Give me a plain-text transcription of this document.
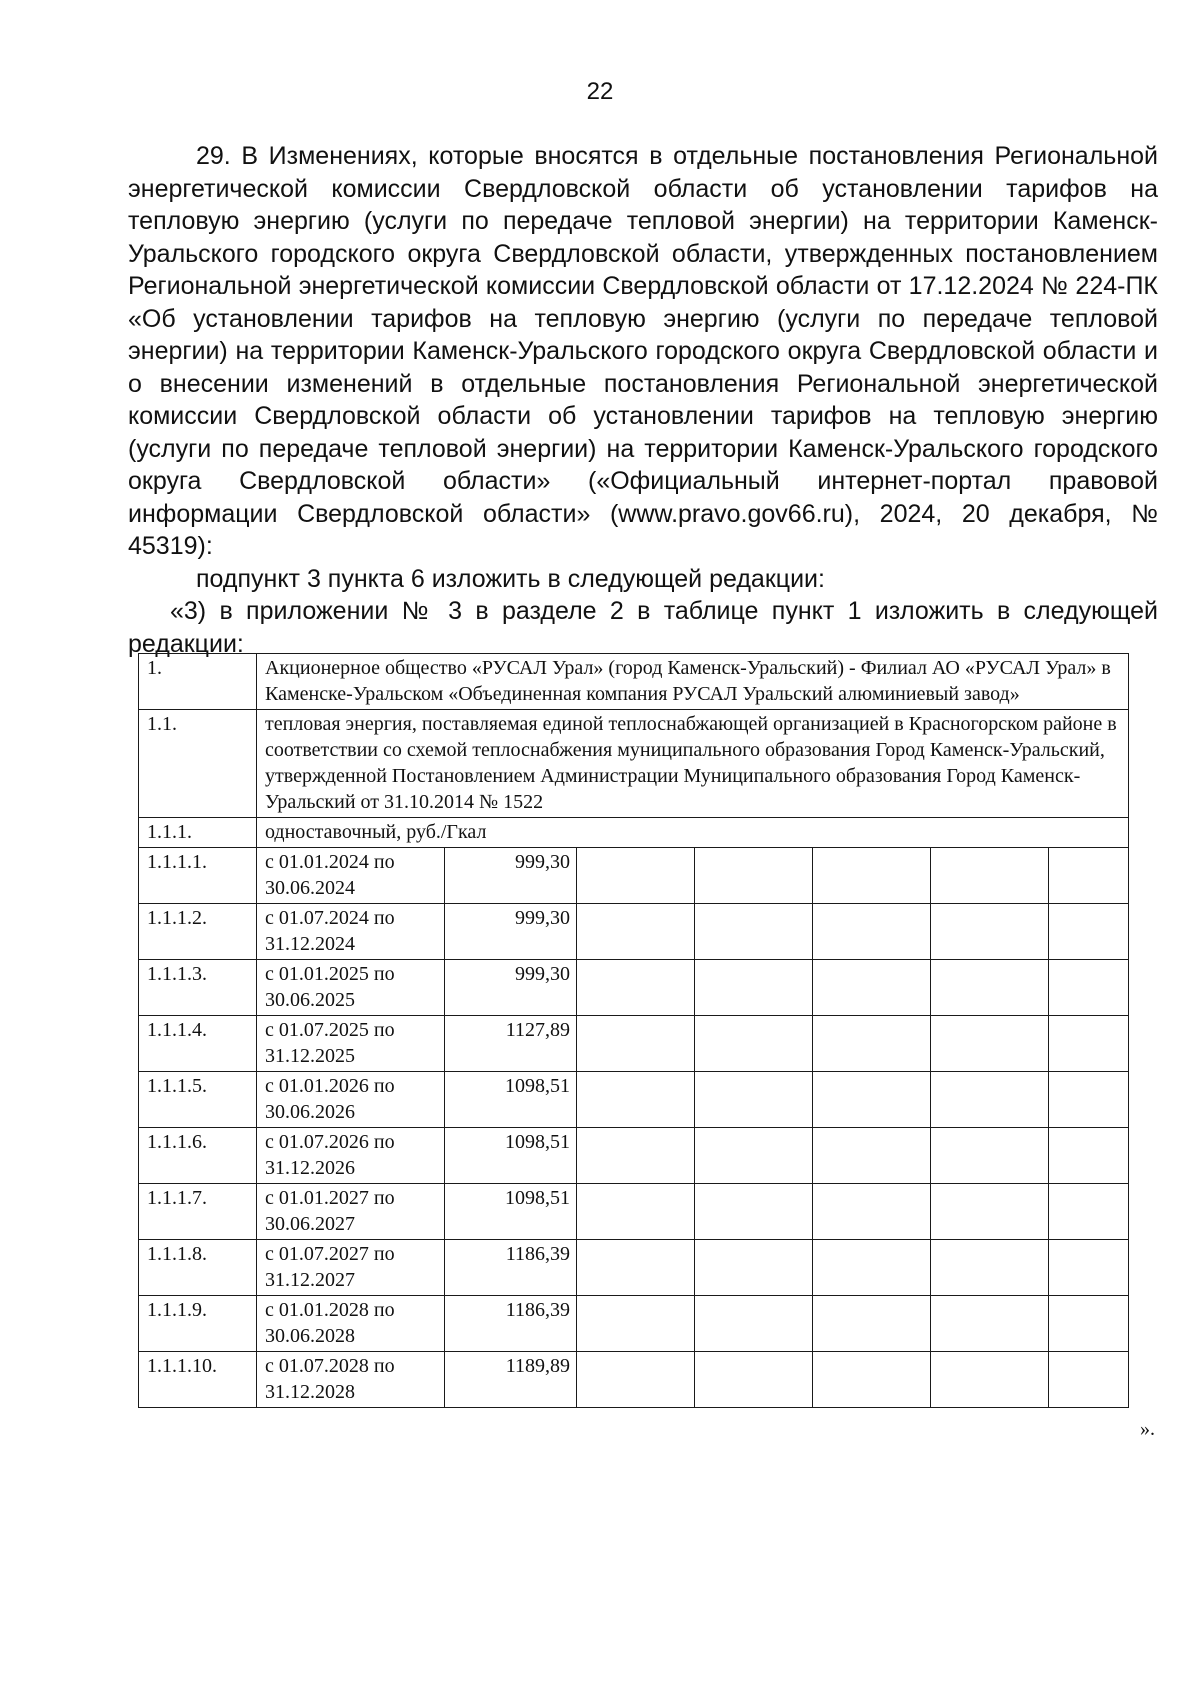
22

29. В Изменениях, которые вносятся в отдельные постановления Региональной энергетической комиссии Свердловской области об установлении тарифов на тепловую энергию (услуги по передаче тепловой энергии) на территории Каменск-Уральского городского округа Свердловской области, утвержденных постановлением Региональной энергетической комиссии Свердловской области от 17.12.2024 № 224-ПК «Об установлении тарифов на тепловую энергию (услуги по передаче тепловой энергии) на территории Каменск-Уральского городского округа Свердловской области и о внесении изменений в отдельные постановления Региональной энергетической комиссии Свердловской области об установлении тарифов на тепловую энергию (услуги по передаче тепловой энергии) на территории Каменск-Уральского городского округа Свердловской области» («Официальный интернет-портал правовой информации Свердловской области» (www.pravo.gov66.ru), 2024, 20 декабря, № 45319):

подпункт 3 пункта 6 изложить в следующей редакции:

«3) в приложении № 3 в разделе 2 в таблице пункт 1 изложить в следующей редакции:

1.	Акционерное общество «РУСАЛ Урал» (город Каменск-Уральский) - Филиал АО «РУСАЛ Урал» в Каменске-Уральском «Объединенная компания РУСАЛ Уральский алюминиевый завод»						
1.1.	тепловая энергия, поставляемая единой теплоснабжающей организацией в Красногорском районе в соответствии со схемой теплоснабжения муниципального образования Город Каменск-Уральский, утвержденной Постановлением Администрации Муниципального образования Город Каменск-Уральский от 31.10.2014 № 1522						
1.1.1.	одноставочный, руб./Гкал						
1.1.1.1.	с 01.01.2024 по 30.06.2024	999,30					
1.1.1.2.	с 01.07.2024 по 31.12.2024	999,30					
1.1.1.3.	с 01.01.2025 по 30.06.2025	999,30					
1.1.1.4.	с 01.07.2025 по 31.12.2025	1127,89					
1.1.1.5.	с 01.01.2026 по 30.06.2026	1098,51					
1.1.1.6.	с 01.07.2026 по 31.12.2026	1098,51					
1.1.1.7.	с 01.01.2027 по 30.06.2027	1098,51					
1.1.1.8.	с 01.07.2027 по 31.12.2027	1186,39					
1.1.1.9.	с 01.01.2028 по 30.06.2028	1186,39					
1.1.1.10.	с 01.07.2028 по 31.12.2028	1189,89					
».
